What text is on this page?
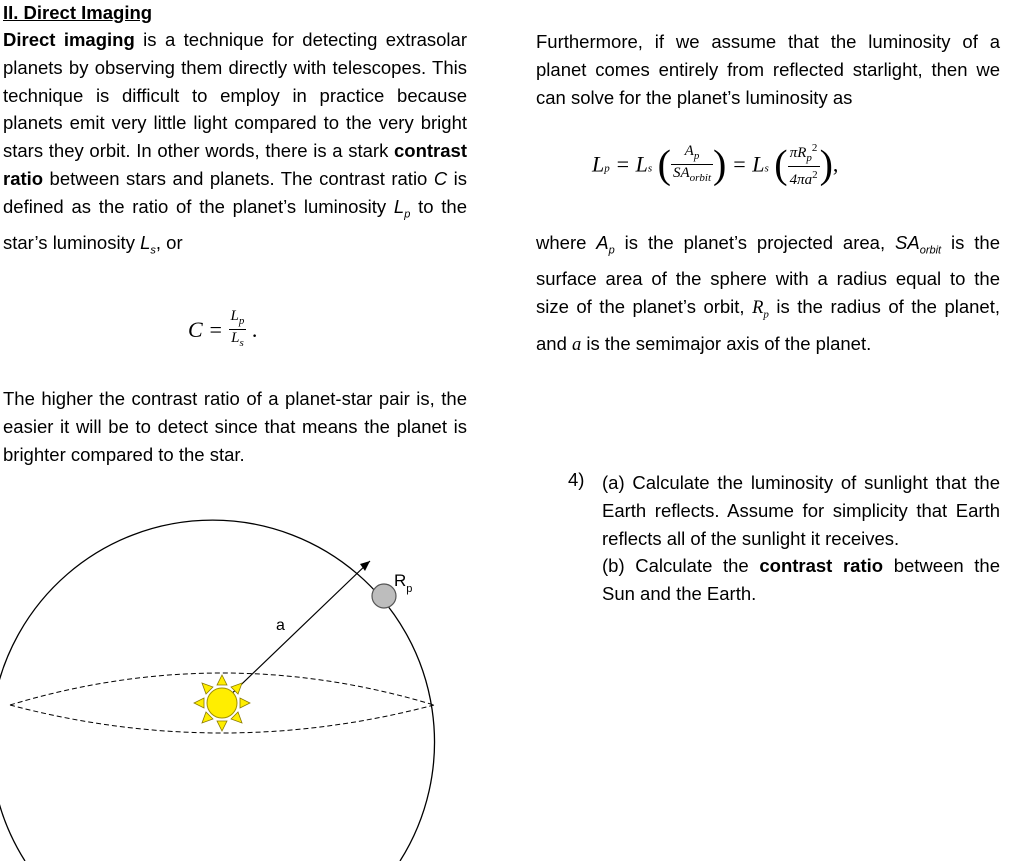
II. Direct Imaging

Direct imaging is a technique for detecting extrasolar planets by observing them directly with telescopes. This technique is difficult to employ in practice because planets emit very little light compared to the very bright stars they orbit. In other words, there is a stark contrast ratio between stars and planets. The contrast ratio C is defined as the ratio of the planet’s luminosity $L_p$ to the star’s luminosity $L_s$, or

$C = \frac{L_p}{L_s}$ .

The higher the contrast ratio of a planet-star pair is, the easier it will be to detect since that means the planet is brighter compared to the star.

Furthermore, if we assume that the luminosity of a planet comes entirely from reflected starlight, then we can solve for the planet’s luminosity as

$L_p = L_s$ ( $\frac{A_p}{SA_{orbit}}$ ) = $L_s$ ( $\frac{\pi R_p^2}{4\pi a^2}$ ),

where $A_p$ is the planet’s projected area, $SA_{orbit}$ is the surface area of the sphere with a radius equal to the size of the planet’s orbit, $R_p$ is the radius of the planet, and a is the semimajor axis of the planet.

4) (a) Calculate the luminosity of sunlight that the Earth reflects. Assume for simplicity that Earth reflects all of the sunlight it receives.
(b) Calculate the contrast ratio between the Sun and the Earth.
a
$R_p$
